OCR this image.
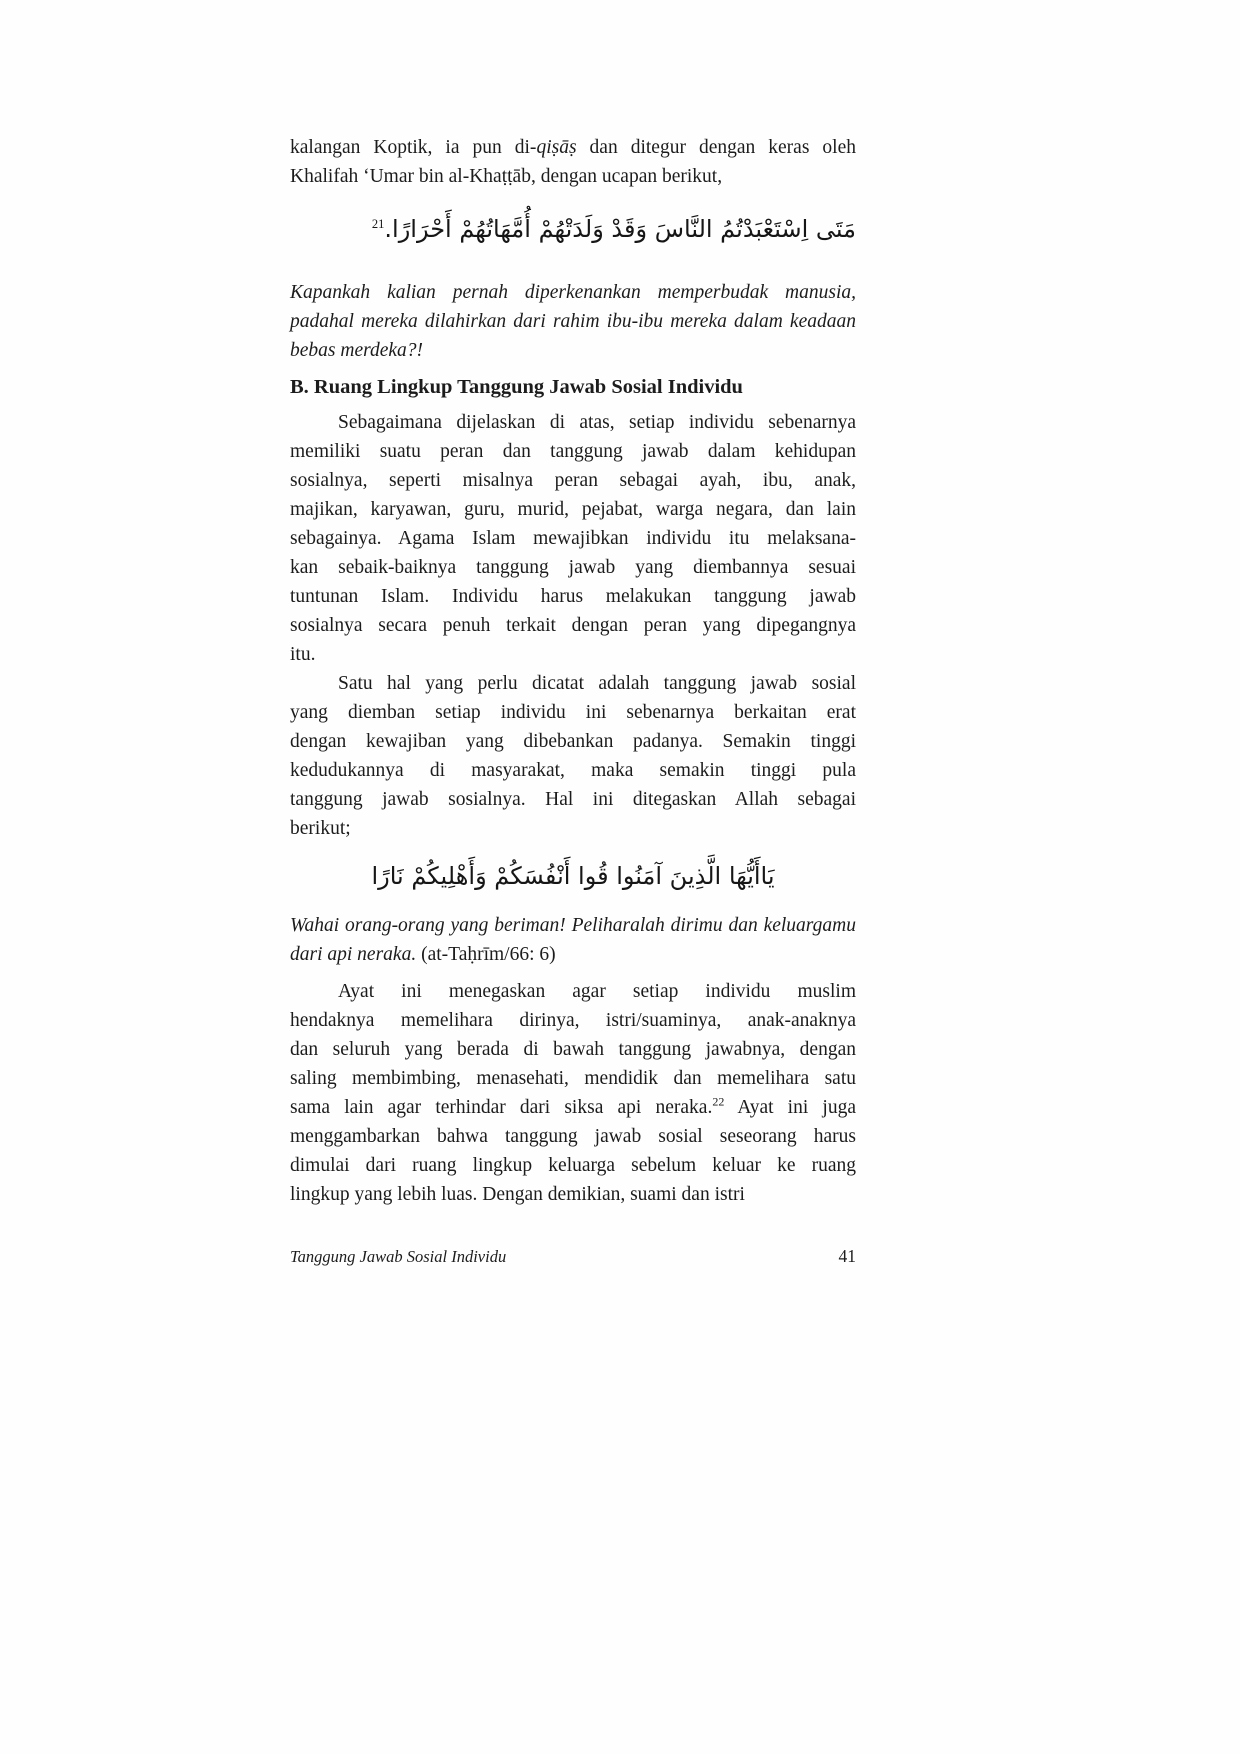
kalangan Koptik, ia pun di-qiṣāṣ dan ditegur dengan keras oleh
Khalifah ‘Umar bin al-Khaṭṭāb, dengan ucapan berikut,
مَتَى اِسْتَعْبَدْتُمُ النَّاسَ وَقَدْ وَلَدَتْهُمْ أُمَّهَاتُهُمْ أَحْرَارًا.$^{21}$
Kapankah kalian pernah diperkenankan memperbudak manusia,
padahal mereka dilahirkan dari rahim ibu-ibu mereka dalam keadaan
bebas merdeka?!
B. Ruang Lingkup Tanggung Jawab Sosial Individu
Sebagaimana dijelaskan di atas, setiap individu sebenarnya
memiliki suatu peran dan tanggung jawab dalam kehidupan
sosialnya, seperti misalnya peran sebagai ayah, ibu, anak,
majikan, karyawan, guru, murid, pejabat, warga negara, dan lain
sebagainya. Agama Islam mewajibkan individu itu melaksana-
kan sebaik-baiknya tanggung jawab yang diembannya sesuai
tuntunan Islam. Individu harus melakukan tanggung jawab
sosialnya secara penuh terkait dengan peran yang dipegangnya
itu.
Satu hal yang perlu dicatat adalah tanggung jawab sosial
yang diemban setiap individu ini sebenarnya berkaitan erat
dengan kewajiban yang dibebankan padanya. Semakin tinggi
kedudukannya di masyarakat, maka semakin tinggi pula
tanggung jawab sosialnya. Hal ini ditegaskan Allah sebagai
berikut;
يَاأَيُّهَا الَّذِينَ آمَنُوا قُوا أَنْفُسَكُمْ وَأَهْلِيكُمْ نَارًا
Wahai orang-orang yang beriman! Peliharalah dirimu dan keluargamu
dari api neraka. (at-Taḥrīm/66: 6)
Ayat ini menegaskan agar setiap individu muslim
hendaknya memelihara dirinya, istri/suaminya, anak-anaknya
dan seluruh yang berada di bawah tanggung jawabnya, dengan
saling membimbing, menasehati, mendidik dan memelihara satu
sama lain agar terhindar dari siksa api neraka.$^{22}$ Ayat ini juga
menggambarkan bahwa tanggung jawab sosial seseorang harus
dimulai dari ruang lingkup keluarga sebelum keluar ke ruang
lingkup yang lebih luas. Dengan demikian, suami dan istri
Tanggung Jawab Sosial Individu	41
